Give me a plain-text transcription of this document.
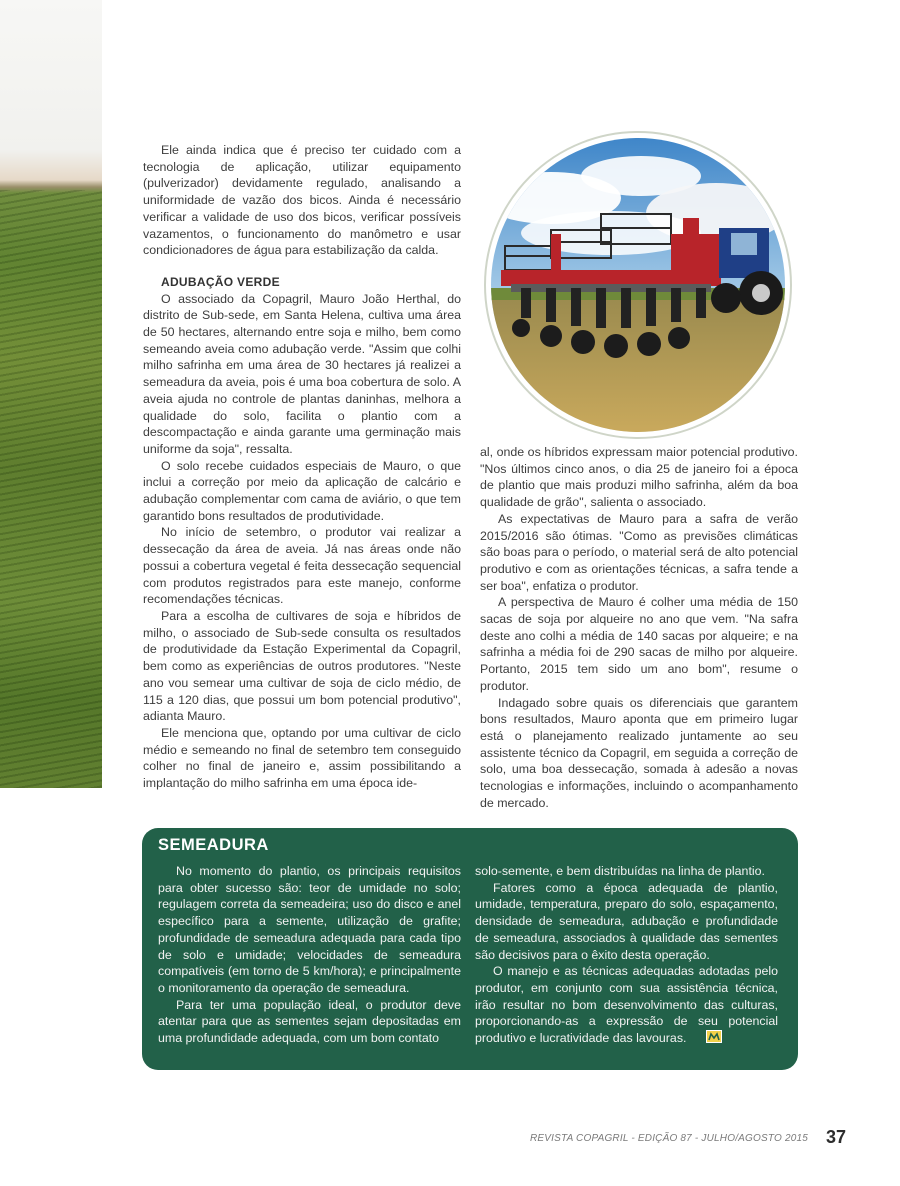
Ele ainda indica que é preciso ter cuidado com a tecnologia de aplicação, utilizar equipamento (pulverizador) devidamente regulado, analisando a uniformidade de vazão dos bicos. Ainda é necessário verificar a validade de uso dos bicos, verificar possíveis vazamentos, o funcionamento do manômetro e usar condicionadores de água para estabilização da calda.

ADUBAÇÃO VERDE

O associado da Copagril, Mauro João Herthal, do distrito de Sub-sede, em Santa Helena, cultiva uma área de 50 hectares, alternando entre soja e milho, bem como semeando aveia como adubação verde. "Assim que colhi milho safrinha em uma área de 30 hectares já realizei a semeadura da aveia, pois é uma boa cobertura de solo. A aveia ajuda no controle de plantas daninhas, melhora a qualidade do solo, facilita o plantio com a descompactação e ainda garante uma germinação mais uniforme da soja", ressalta.

O solo recebe cuidados especiais de Mauro, o que inclui a correção por meio da aplicação de calcário e adubação complementar com cama de aviário, o que tem garantido bons resultados de produtividade.

No início de setembro, o produtor vai realizar a dessecação da área de aveia. Já nas áreas onde não possui a cobertura vegetal é feita dessecação sequencial com produtos registrados para este manejo, conforme recomendações técnicas.

Para a escolha de cultivares de soja e híbridos de milho, o associado de Sub-sede consulta os resultados de produtividade da Estação Experimental da Copagril, bem como as experiências de outros produtores. "Neste ano vou semear uma cultivar de soja de ciclo médio, de 115 a 120 dias, que possui um bom potencial produtivo", adianta Mauro.

Ele menciona que, optando por uma cultivar de ciclo médio e semeando no final de setembro tem conseguido colher no final de janeiro e, assim possibilitando a implantação do milho safrinha em uma época ide-

al, onde os híbridos expressam maior potencial produtivo. "Nos últimos cinco anos, o dia 25 de janeiro foi a época de plantio que mais produzi milho safrinha, além da boa qualidade de grão", salienta o associado.

As expectativas de Mauro para a safra de verão 2015/2016 são ótimas. "Como as previsões climáticas são boas para o período, o material será de alto potencial produtivo e com as orientações técnicas, a safra tende a ser boa", enfatiza o produtor.

A perspectiva de Mauro é colher uma média de 150 sacas de soja por alqueire no ano que vem. "Na safra deste ano colhi a média de 140 sacas por alqueire; e na safrinha a média foi de 290 sacas de milho por alqueire. Portanto, 2015 tem sido um ano bom", resume o produtor.

Indagado sobre quais os diferenciais que garantem bons resultados, Mauro aponta que em primeiro lugar está o planejamento realizado juntamente ao seu assistente técnico da Copagril, em seguida a correção de solo, uma boa dessecação, somada à adesão a novas tecnologias e informações, incluindo o acompanhamento de mercado.

SEMEADURA

No momento do plantio, os principais requisitos para obter sucesso são: teor de umidade no solo; regulagem correta da semeadeira; uso do disco e anel específico para a semente, utilização de grafite; profundidade de semeadura adequada para cada tipo de solo e umidade; velocidades de semeadura compatíveis (em torno de 5 km/hora); e principalmente o monitoramento da operação de semeadura.

Para ter uma população ideal, o produtor deve atentar para que as sementes sejam depositadas em uma profundidade adequada, com um bom contato

solo-semente, e bem distribuídas na linha de plantio.

Fatores como a época adequada de plantio, umidade, temperatura, preparo do solo, espaçamento, densidade de semeadura, adubação e profundidade de semeadura, associados à qualidade das sementes são decisivos para o êxito desta operação.

O manejo e as técnicas adequadas adotadas pelo produtor, em conjunto com sua assistência técnica, irão resultar no bom desenvolvimento das culturas, proporcionando-as a expressão de seu potencial produtivo e lucratividade das lavouras.

REVISTA COPAGRIL - EDIÇÃO 87 - JULHO/AGOSTO 2015 37
